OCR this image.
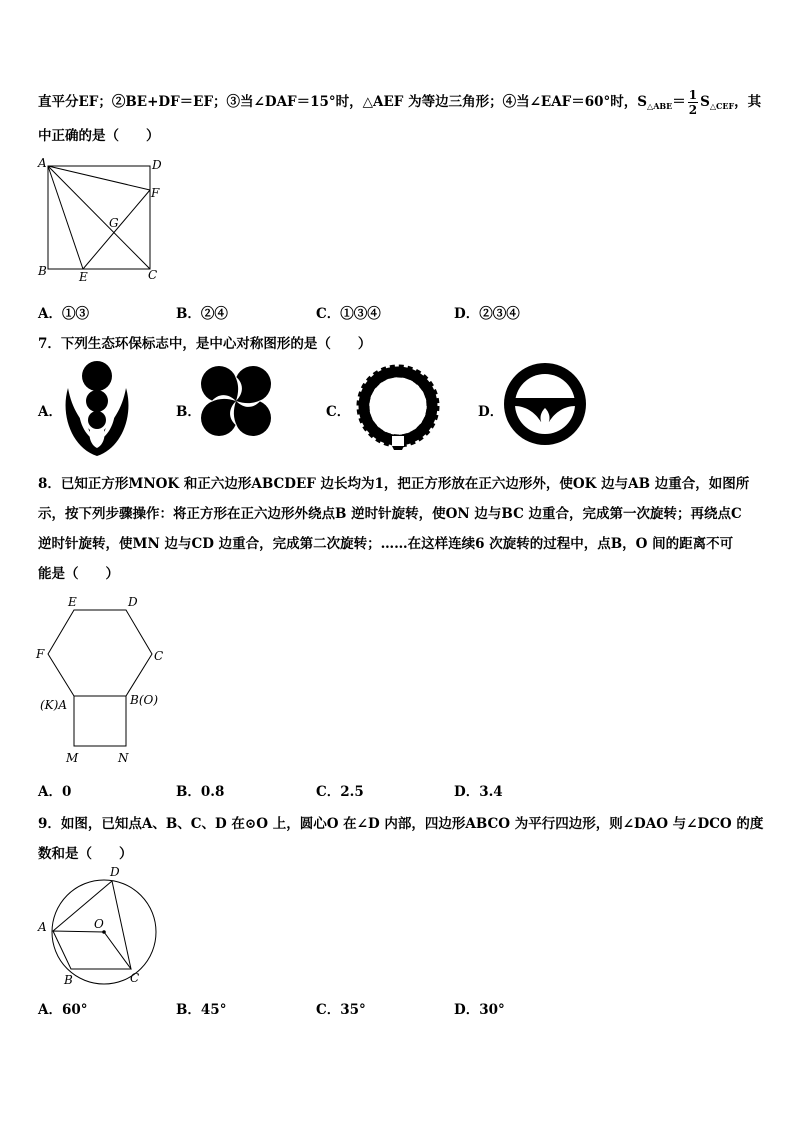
直平分EF；②BE+DF＝EF；③当∠DAF＝15°时，△AEF 为等边三角形；④当∠EAF＝60°时，$S_{\triangle ABE}= \frac{1}{2} S_{\triangle CEF}$，其
中正确的是（　　）
A	D
F
G
B	E	C
A．①③	B．②④	C．①③④	D．②③④
7．下列生态环保标志中，是中心对称图形的是（　　）
A．	B．	C．	D．
8．已知正方形MNOK 和正六边形ABCDEF 边长均为1，把正方形放在正六边形外，使OK 边与AB 边重合，如图所
示，按下列步骤操作：将正方形在正六边形外绕点B 逆时针旋转，使ON 边与BC 边重合，完成第一次旋转；再绕点C
逆时针旋转，使MN 边与CD 边重合，完成第二次旋转；……在这样连续6 次旋转的过程中，点B，O 间的距离不可
能是（　　）
E	D
F	C
(K)A	B(O)
M	N
A．0	B．0.8	C．2.5	D．3.4
9．如图，已知点A、B、C、D 在⊙O 上，圆心O 在∠D 内部，四边形ABCO 为平行四边形，则∠DAO 与∠DCO 的度
数和是（　　）
D
A	O
B	C
A．60°	B．45°	C．35°	D．30°
